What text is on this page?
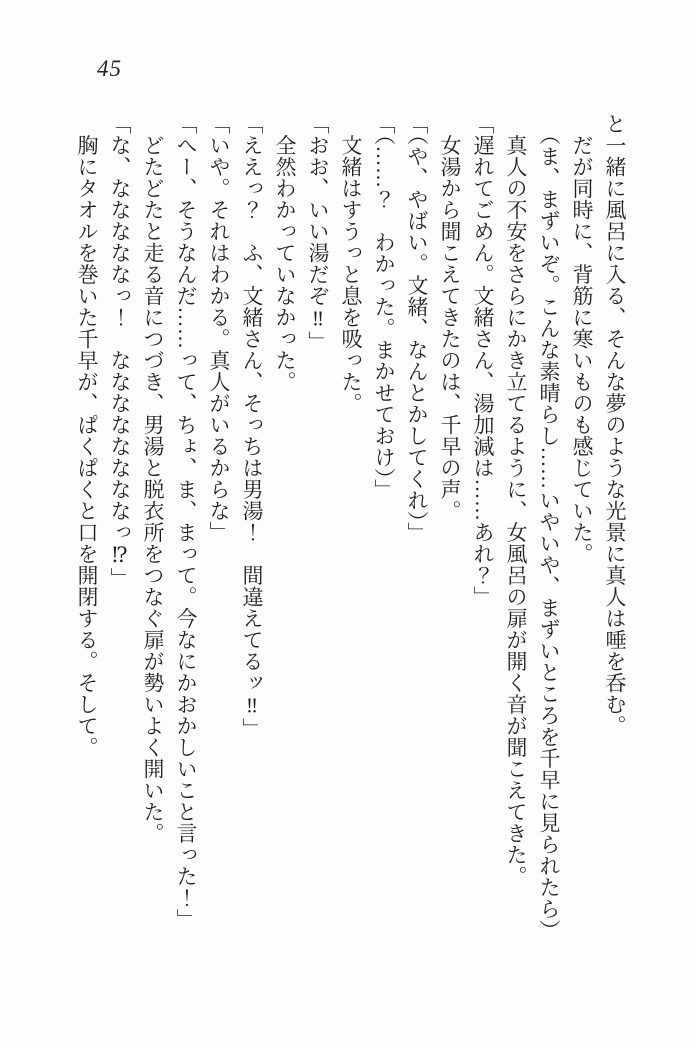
45

と一緒に風呂に入る、そんな夢のような光景に真人は唾を呑む。

　だが同時に、背筋に寒いものも感じていた。

　（ま、まずいぞ。こんな素晴らし……いやいや、まずいところを千早に見られたら）

　真人の不安をさらにかき立てるように、女風呂の扉が開く音が聞こえてきた。

「遅れてごめん。文緒さん、湯加減は……あれ？」

　女湯から聞こえてきたのは、千早の声。

「（や、やばい。文緒、なんとかしてくれ）」

「（……？　わかった。まかせておけ）」

　文緒はすうっと息を吸った。

「おお、いい湯だぞ‼」

　全然わかっていなかった。

「ええっ？　ふ、文緒さん、そっちは男湯！　間違えてるッ‼」

「いや。それはわかる。真人がいるからな」

「へー、そうなんだ……って、ちょ、ま、まって。今なにかおかしいこと言った！」

　どたどたと走る音につづき、男湯と脱衣所をつなぐ扉が勢いよく開いた。

「な、なななななっ！　ななななななななっ⁉」

　胸にタオルを巻いた千早が、ぱくぱくと口を開閉する。そして。
